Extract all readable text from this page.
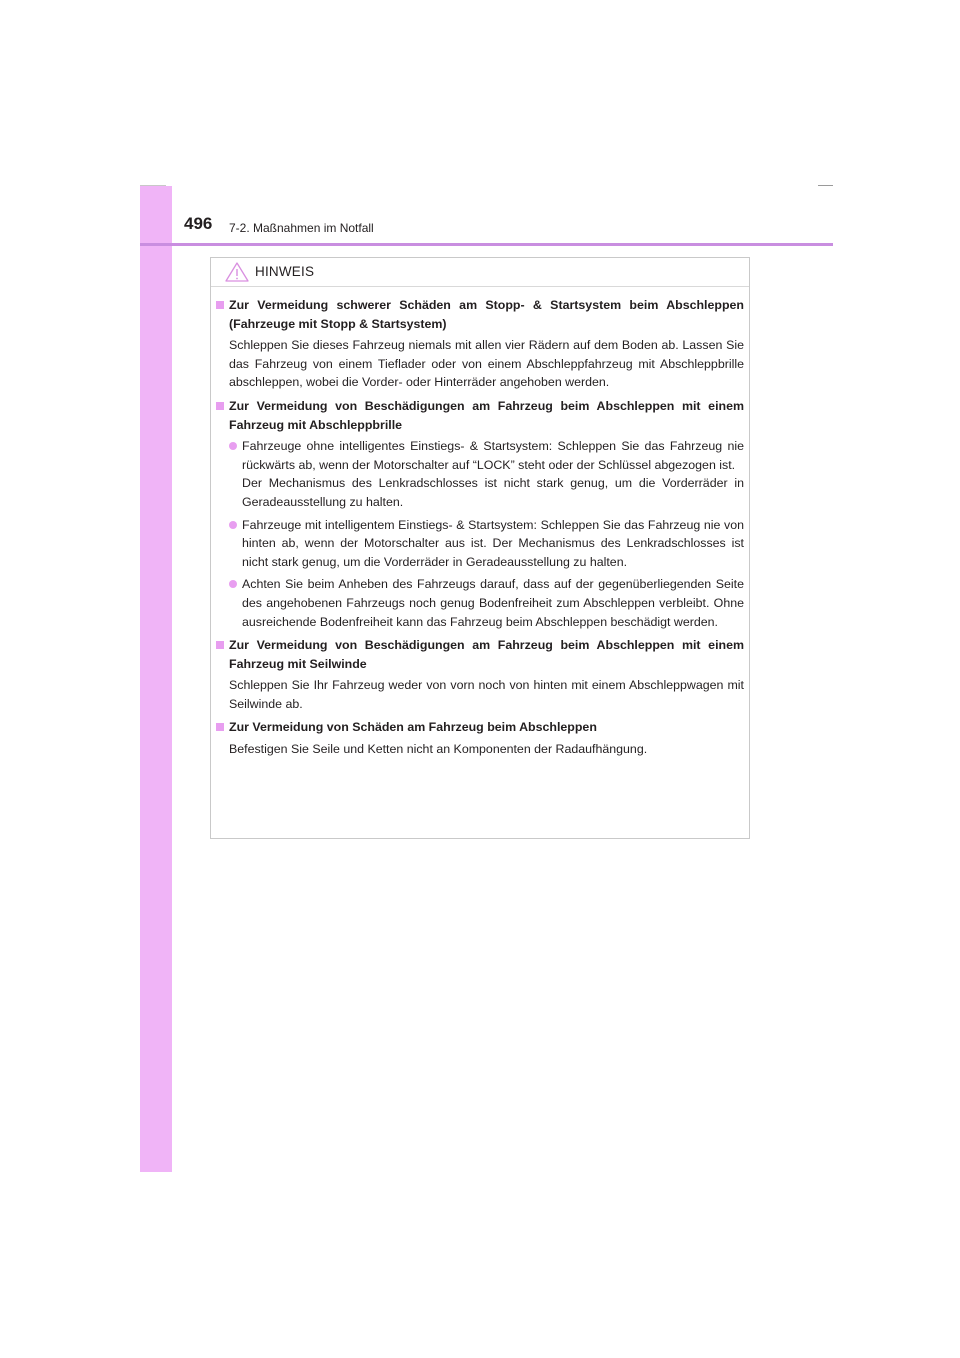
496 7-2. Maßnahmen im Notfall
HINWEIS
Zur Vermeidung schwerer Schäden am Stopp- & Startsystem beim Abschleppen (Fahrzeuge mit Stopp & Startsystem)
Schleppen Sie dieses Fahrzeug niemals mit allen vier Rädern auf dem Boden ab. Lassen Sie das Fahrzeug von einem Tieflader oder von einem Abschleppfahrzeug mit Abschleppbrille abschleppen, wobei die Vorder- oder Hinterräder angehoben werden.
Zur Vermeidung von Beschädigungen am Fahrzeug beim Abschleppen mit einem Fahrzeug mit Abschleppbrille
Fahrzeuge ohne intelligentes Einstiegs- & Startsystem: Schleppen Sie das Fahrzeug nie rückwärts ab, wenn der Motorschalter auf “LOCK” steht oder der Schlüssel abgezogen ist.
Der Mechanismus des Lenkradschlosses ist nicht stark genug, um die Vorderräder in Geradeausstellung zu halten.
Fahrzeuge mit intelligentem Einstiegs- & Startsystem: Schleppen Sie das Fahrzeug nie von hinten ab, wenn der Motorschalter aus ist. Der Mechanismus des Lenkradschlosses ist nicht stark genug, um die Vorderräder in Geradeausstellung zu halten.
Achten Sie beim Anheben des Fahrzeugs darauf, dass auf der gegenüberliegenden Seite des angehobenen Fahrzeugs noch genug Bodenfreiheit zum Abschleppen verbleibt. Ohne ausreichende Bodenfreiheit kann das Fahrzeug beim Abschleppen beschädigt werden.
Zur Vermeidung von Beschädigungen am Fahrzeug beim Abschleppen mit einem Fahrzeug mit Seilwinde
Schleppen Sie Ihr Fahrzeug weder von vorn noch von hinten mit einem Abschleppwagen mit Seilwinde ab.
Zur Vermeidung von Schäden am Fahrzeug beim Abschleppen
Befestigen Sie Seile und Ketten nicht an Komponenten der Radaufhängung.
